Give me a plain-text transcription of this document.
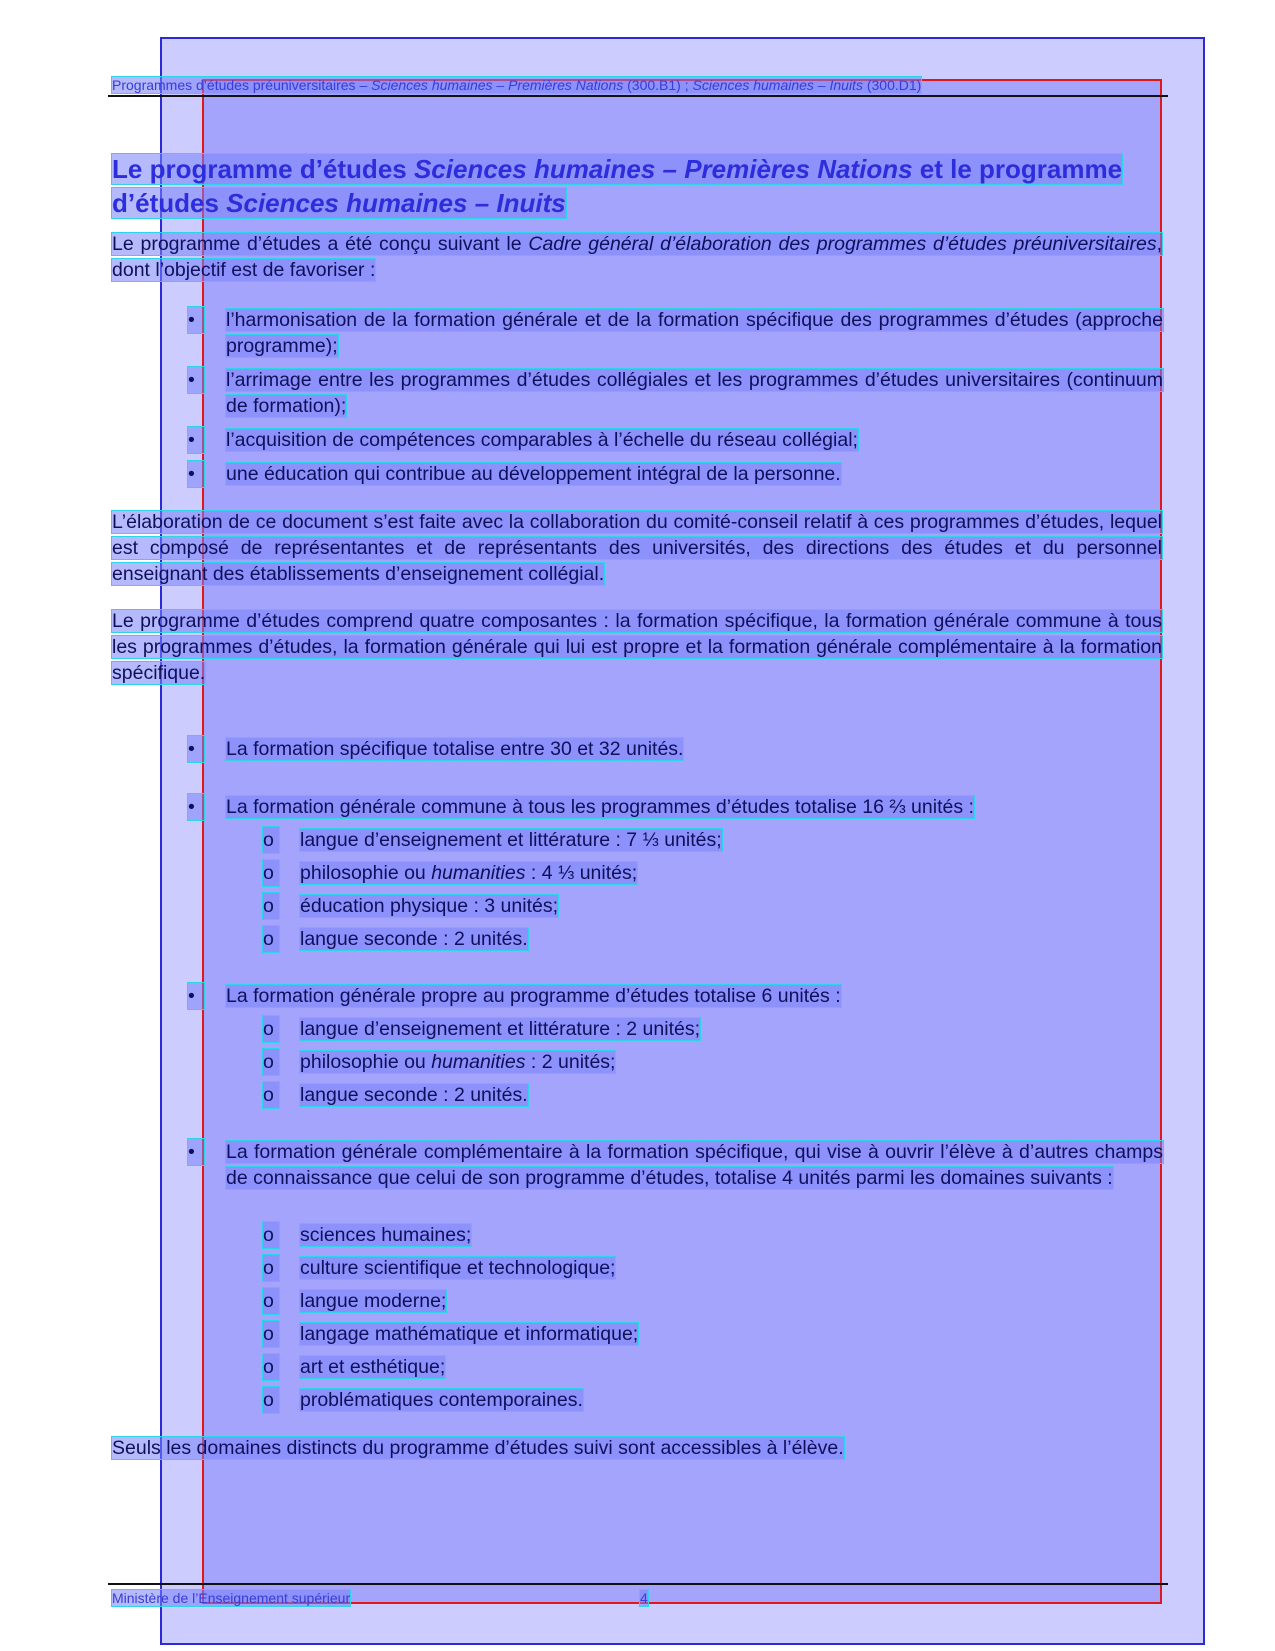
Programmes d’études préuniversitaires – Sciences humaines – Premières Nations (300.B1) ; Sciences humaines – Inuits (300.D1)
Le programme d’études Sciences humaines – Premières Nations et le programme d’études Sciences humaines – Inuits
Le programme d’études a été conçu suivant le Cadre général d’élaboration des programmes d’études préuniversitaires, dont l’objectif est de favoriser :
•	l’harmonisation de la formation générale et de la formation spécifique des programmes d’études (approche programme);
•	l’arrimage entre les programmes d’études collégiales et les programmes d’études universitaires (continuum de formation);
•	l’acquisition de compétences comparables à l’échelle du réseau collégial;
•	une éducation qui contribue au développement intégral de la personne.
L’élaboration de ce document s’est faite avec la collaboration du comité-conseil relatif à ces programmes d’études, lequel est composé de représentantes et de représentants des universités, des directions des études et du personnel enseignant des établissements d’enseignement collégial.
Le programme d’études comprend quatre composantes : la formation spécifique, la formation générale commune à tous les programmes d’études, la formation générale qui lui est propre et la formation générale complémentaire à la formation spécifique.
•	La formation spécifique totalise entre 30 et 32 unités.
•	La formation générale commune à tous les programmes d’études totalise 16 ⅔ unités :
o langue d’enseignement et littérature : 7 ⅓ unités;
o philosophie ou humanities : 4 ⅓ unités;
o éducation physique : 3 unités;
o langue seconde : 2 unités.
•	La formation générale propre au programme d’études totalise 6 unités :
o langue d’enseignement et littérature : 2 unités;
o philosophie ou humanities : 2 unités;
o langue seconde : 2 unités.
•	La formation générale complémentaire à la formation spécifique, qui vise à ouvrir l’élève à d’autres champs de connaissance que celui de son programme d’études, totalise 4 unités parmi les domaines suivants :
o sciences humaines;
o culture scientifique et technologique;
o langue moderne;
o langage mathématique et informatique;
o art et esthétique;
o problématiques contemporaines.
Seuls les domaines distincts du programme d’études suivi sont accessibles à l’élève.
Ministère de l’Enseignement supérieur	4
